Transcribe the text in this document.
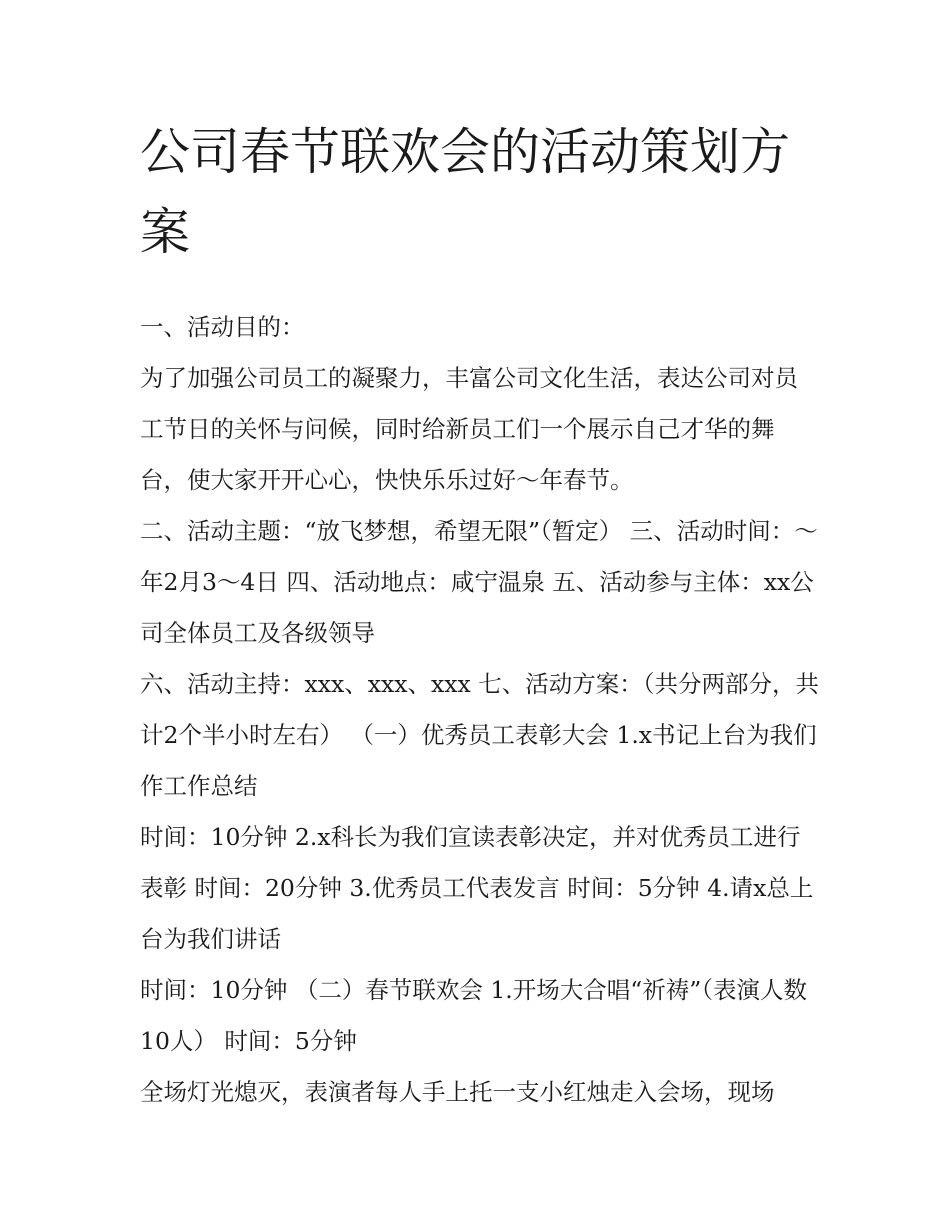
公司春节联欢会的活动策划方案

一、活动目的：

为了加强公司员工的凝聚力，丰富公司文化生活，表达公司对员工节日的关怀与问候，同时给新员工们一个展示自己才华的舞台，使大家开开心心，快快乐乐过好～年春节。

二、活动主题：“放飞梦想，希望无限”（暂定） 三、活动时间：～年2月3～4日 四、活动地点：咸宁温泉 五、活动参与主体：xx公司全体员工及各级领导

六、活动主持：xxx、xxx、xxx 七、活动方案：（共分两部分，共计2个半小时左右） （一）优秀员工表彰大会 1.x书记上台为我们作工作总结

时间：10分钟 2.x科长为我们宣读表彰决定，并对优秀员工进行表彰 时间：20分钟 3.优秀员工代表发言 时间：5分钟 4.请x总上台为我们讲话

时间：10分钟 （二）春节联欢会 1.开场大合唱“祈祷”（表演人数10人） 时间：5分钟

全场灯光熄灭，表演者每人手上托一支小红烛走入会场，现场
